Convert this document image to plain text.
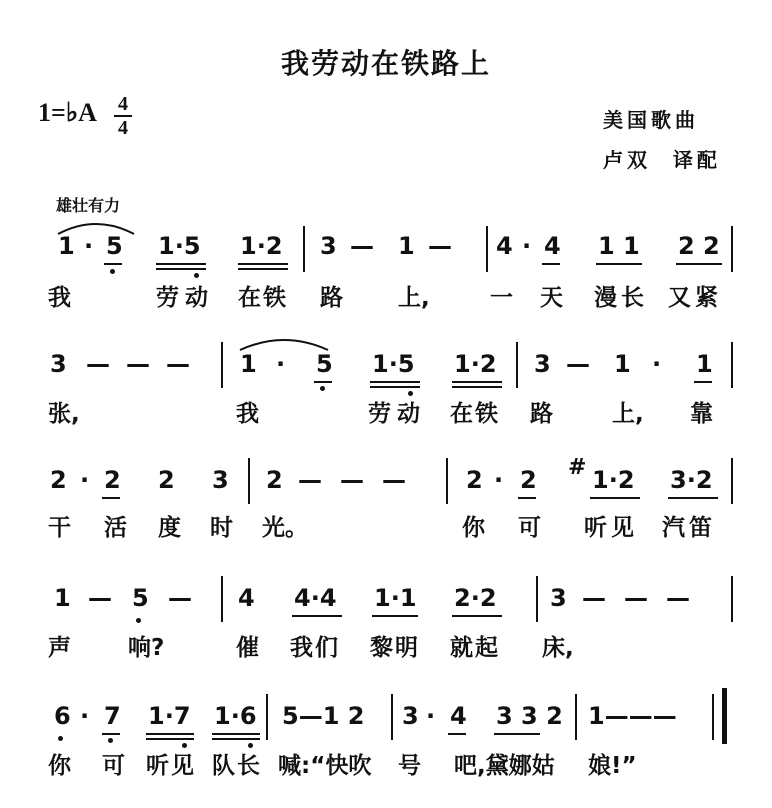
我劳动在铁路上
1=♭A 4
4	美国歌曲
卢双  译配
雄壮有力
1 · 5 1·5 1·2 3 — 1 — 4 · 4 1 1 2 2
我	劳动 在铁 路 上,	一 天 漫长 又紧
3 — — — 1 · 5 1·5 1·2 3 — 1 · 1
张,	我	劳动 在铁 路	上, 靠
2 · 2 2 3 2 — — —	2 · 2 # 1·2 3·2
干 活 度 时 光。	你 可 听见 汽笛
1 — 5 — 4 4·4 1·1 2·2 3 — — —
声 响?	催 我们 黎明 就起 床,
6 · 7 1·7 1·6 5—1 2 3 · 4 3 3 2 1———
你 可 听见 队长 喊:“快吹 号 吧,黛娜姑 娘!”
